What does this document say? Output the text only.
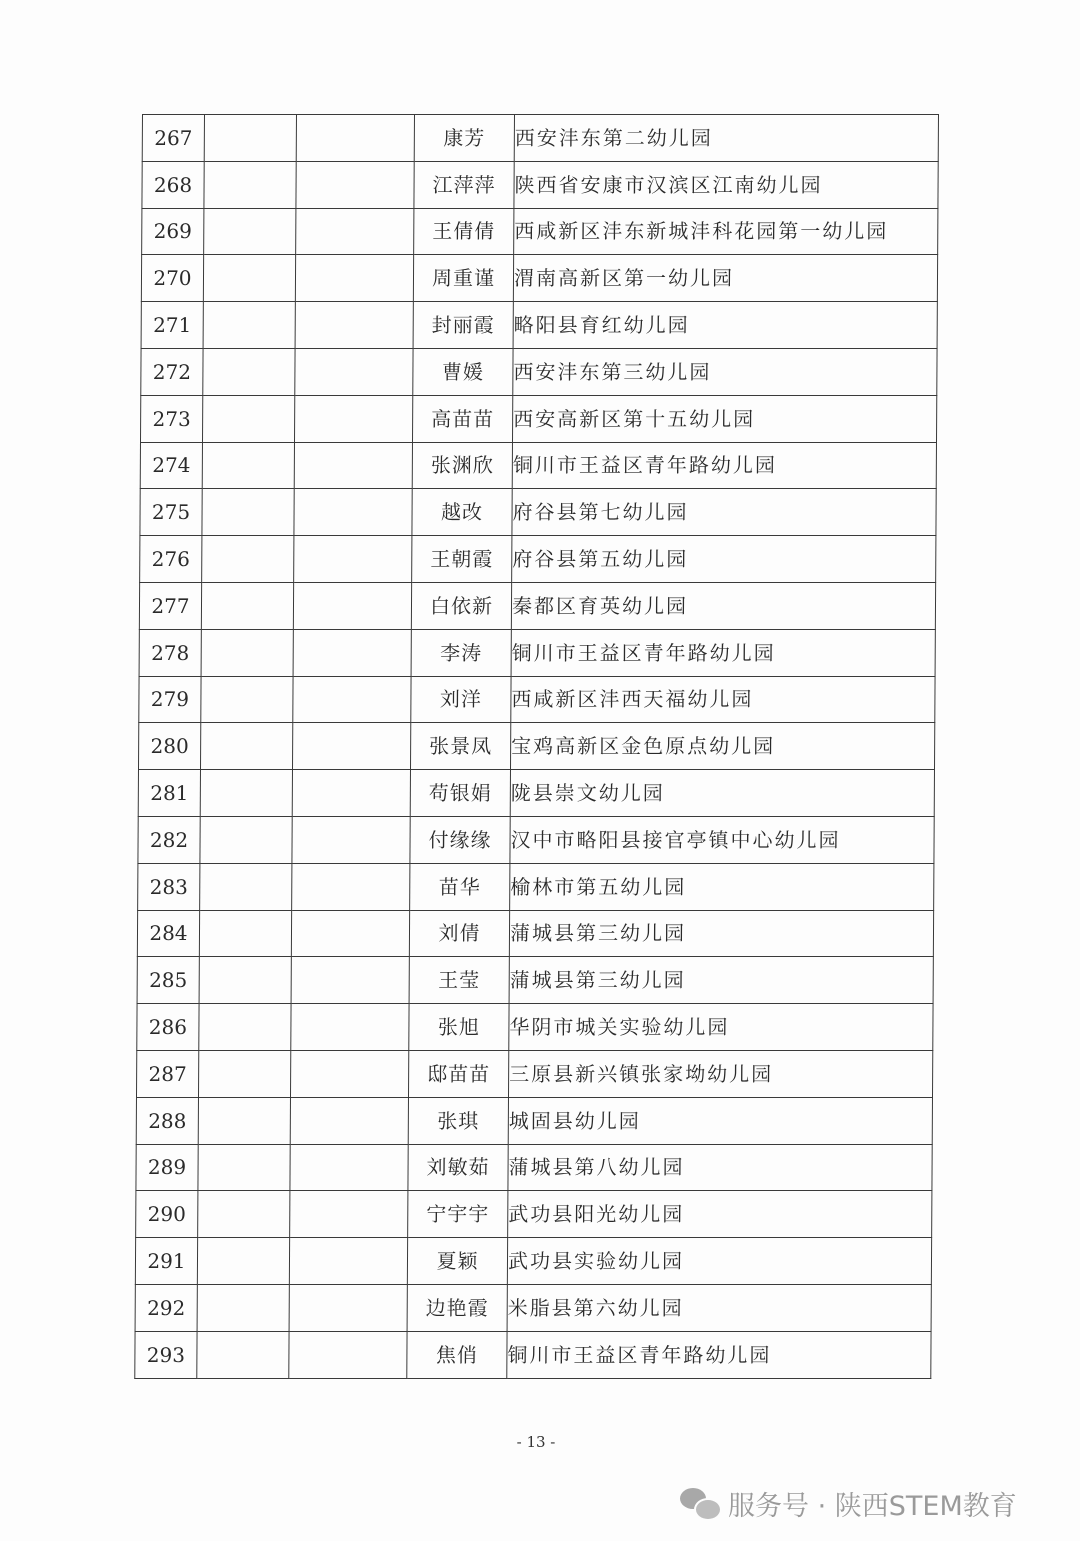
267			康芳	西安沣东第二幼儿园
268			江萍萍	陕西省安康市汉滨区江南幼儿园
269			王倩倩	西咸新区沣东新城沣科花园第一幼儿园
270			周重谨	渭南高新区第一幼儿园
271			封丽霞	略阳县育红幼儿园
272			曹媛	西安沣东第三幼儿园
273			高苗苗	西安高新区第十五幼儿园
274			张渊欣	铜川市王益区青年路幼儿园
275			越改	府谷县第七幼儿园
276			王朝霞	府谷县第五幼儿园
277			白依新	秦都区育英幼儿园
278			李涛	铜川市王益区青年路幼儿园
279			刘洋	西咸新区沣西天福幼儿园
280			张景凤	宝鸡高新区金色原点幼儿园
281			苟银娟	陇县崇文幼儿园
282			付缘缘	汉中市略阳县接官亭镇中心幼儿园
283			苗华	榆林市第五幼儿园
284			刘倩	蒲城县第三幼儿园
285			王莹	蒲城县第三幼儿园
286			张旭	华阴市城关实验幼儿园
287			邸苗苗	三原县新兴镇张家坳幼儿园
288			张琪	城固县幼儿园
289			刘敏茹	蒲城县第八幼儿园
290			宁宇宇	武功县阳光幼儿园
291			夏颖	武功县实验幼儿园
292			边艳霞	米脂县第六幼儿园
293			焦俏	铜川市王益区青年路幼儿园
- 13 -
服务号 · 陕西STEM教育
